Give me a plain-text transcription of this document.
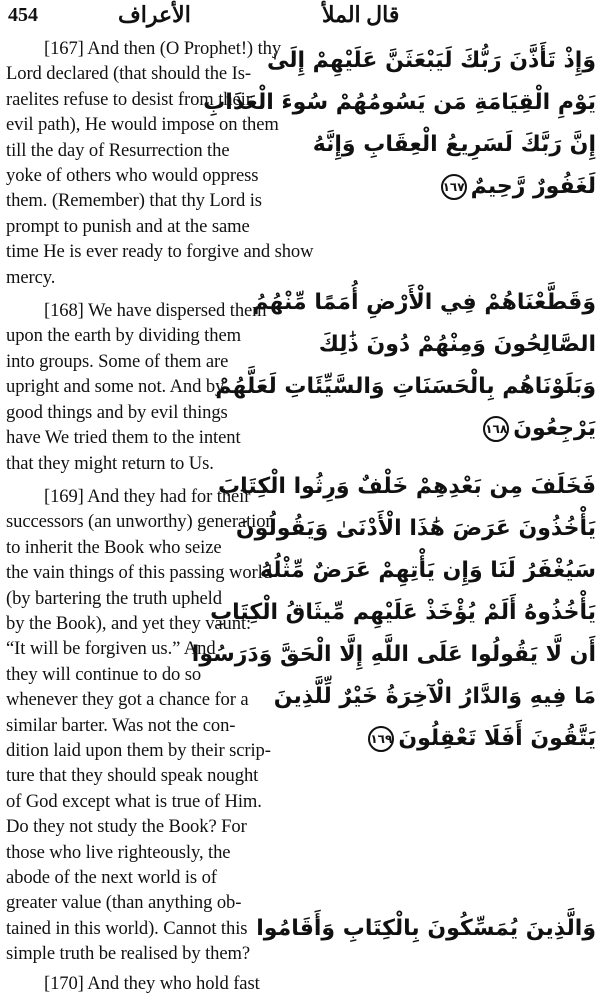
454	الأعراف	قال الملأ

[167] And then (O Prophet!) thy
Lord declared (that should the Is-
raelites refuse to desist from their
evil path), He would impose on them
till the day of Resurrection the
yoke of others who would oppress
them. (Remember) that thy Lord is
prompt to punish and at the same
time He is ever ready to forgive and show
mercy.

[168] We have dispersed them
upon the earth by dividing them
into groups. Some of them are
upright and some not. And by
good things and by evil things
have We tried them to the intent
that they might return to Us.

[169] And they had for their
successors (an unworthy) generation
to inherit the Book who seize
the vain things of this passing world
(by bartering the truth upheld
by the Book), and yet they vaunt:
“It will be forgiven us.” And
they will continue to do so
whenever they got a chance for a
similar barter. Was not the con-
dition laid upon them by their scrip-
ture that they should speak nought
of God except what is true of Him.
Do they not study the Book? For
those who live righteously, the
abode of the next world is of
greater value (than anything ob-
tained in this world). Cannot this
simple truth be realised by them?

[170] And they who hold fast

وَإِذْ تَأَذَّنَ رَبُّكَ لَيَبْعَثَنَّ عَلَيْهِمْ إِلَىٰ
يَوْمِ الْقِيَامَةِ مَن يَسُومُهُمْ سُوءَ الْعَذَابِ
إِنَّ رَبَّكَ لَسَرِيعُ الْعِقَابِ وَإِنَّهُ
لَغَفُورٌ رَّحِيمٌ١٦٧
وَقَطَّعْنَاهُمْ فِي الْأَرْضِ أُمَمًا مِّنْهُمُ
الصَّالِحُونَ وَمِنْهُمْ دُونَ ذَٰلِكَ
وَبَلَوْنَاهُم بِالْحَسَنَاتِ وَالسَّيِّئَاتِ لَعَلَّهُمْ
يَرْجِعُونَ١٦٨
فَخَلَفَ مِن بَعْدِهِمْ خَلْفٌ وَرِثُوا الْكِتَابَ
يَأْخُذُونَ عَرَضَ هَٰذَا الْأَدْنَىٰ وَيَقُولُونَ
سَيُغْفَرُ لَنَا وَإِن يَأْتِهِمْ عَرَضٌ مِّثْلُهُ
يَأْخُذُوهُ أَلَمْ يُؤْخَذْ عَلَيْهِم مِّيثَاقُ الْكِتَابِ
أَن لَّا يَقُولُوا عَلَى اللَّهِ إِلَّا الْحَقَّ وَدَرَسُوا
مَا فِيهِ وَالدَّارُ الْآخِرَةُ خَيْرٌ لِّلَّذِينَ
يَتَّقُونَ أَفَلَا تَعْقِلُونَ١٦٩
وَالَّذِينَ يُمَسِّكُونَ بِالْكِتَابِ وَأَقَامُوا
